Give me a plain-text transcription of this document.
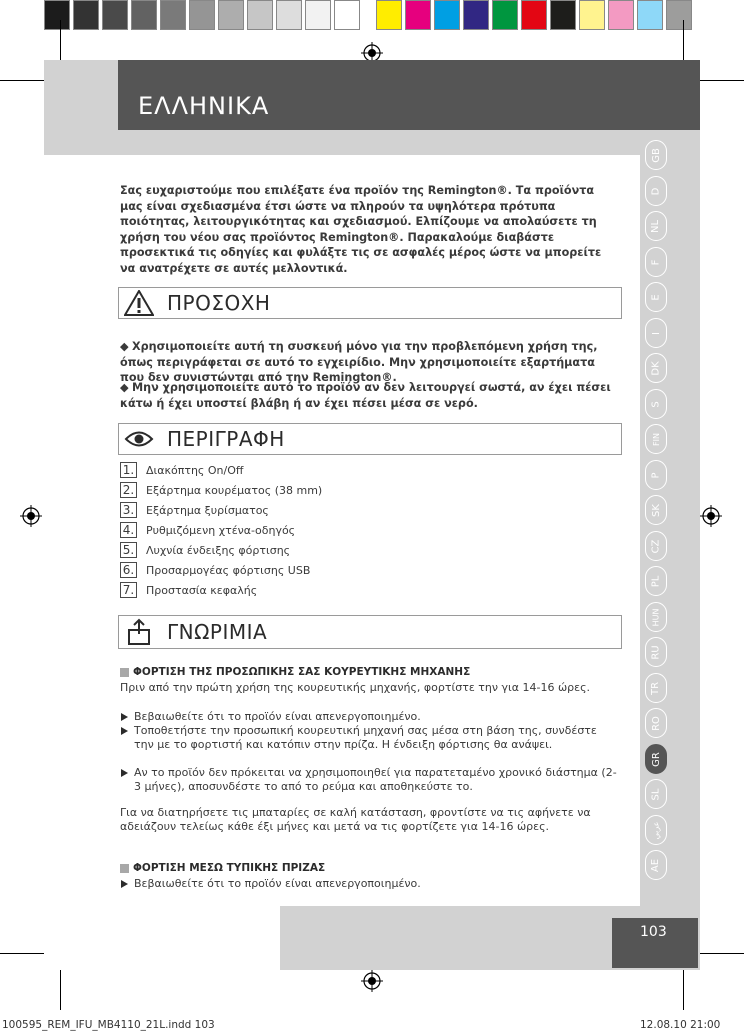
ΕΛΛΗΝΙΚΑ
103
Σας ευχαριστούμε που επιλέξατε ένα προϊόν της Remington®. Τα προϊόντα μας είναι σχεδιασμένα έτσι ώστε να πληρούν τα υψηλότερα πρότυπα ποιότητας, λειτουργικότητας και σχεδιασμού. Ελπίζουμε να απολαύσετε τη χρήση του νέου σας προϊόντος Remington®. Παρακαλούμε διαβάστε προσεκτικά τις οδηγίες και φυλάξτε τις σε ασφαλές μέρος ώστε να μπορείτε να ανατρέχετε σε αυτές μελλοντικά.
ΠΡΟΣΟΧΗ
◆ Χρησιμοποιείτε αυτή τη συσκευή μόνο για την προβλεπόμενη χρήση της, όπως περιγράφεται σε αυτό το εγχειρίδιο. Μην χρησιμοποιείτε εξαρτήματα που δεν συνιστώνται από την Remington®.
◆ Μην χρησιμοποιείτε αυτό το προϊόν αν δεν λειτουργεί σωστά, αν έχει πέσει κάτω ή έχει υποστεί βλάβη ή αν έχει πέσει μέσα σε νερό.
ΠΕΡΙΓΡΑΦΗ
1. Διακόπτης On/Off
2. Εξάρτημα κουρέματος (38 mm)
3. Εξάρτημα ξυρίσματος
4. Ρυθμιζόμενη χτένα-οδηγός
5. Λυχνία ένδειξης φόρτισης
6. Προσαρμογέας φόρτισης USB
7. Προστασία κεφαλής
ΓΝΩΡΙΜΙΑ
ΦΟΡΤΙΣΗ ΤΗΣ ΠΡΟΣΩΠΙΚΗΣ ΣΑΣ ΚΟΥΡΕΥΤΙΚΗΣ ΜΗΧΑΝΗΣ
Πριν από την πρώτη χρήση της κουρευτικής μηχανής, φορτίστε την για 14-16 ώρες.
Βεβαιωθείτε ότι το προϊόν είναι απενεργοποιημένο.
Τοποθετήστε την προσωπική κουρευτική μηχανή σας μέσα στη βάση της, συνδέστε την με το φορτιστή και κατόπιν στην πρίζα. Η ένδειξη φόρτισης θα ανάψει.
Αν το προϊόν δεν πρόκειται να χρησιμοποιηθεί για παρατεταμένο χρονικό διάστημα (2-3 μήνες), αποσυνδέστε το από το ρεύμα και αποθηκεύστε το.
Για να διατηρήσετε τις μπαταρίες σε καλή κατάσταση, φροντίστε να τις αφήνετε να αδειάζουν τελείως κάθε έξι μήνες και μετά να τις φορτίζετε για 14-16 ώρες.
ΦΟΡΤΙΣΗ ΜΕΣΩ ΤΥΠΙΚΗΣ ΠΡΙΖΑΣ
Βεβαιωθείτε ότι το προϊόν είναι απενεργοποιημένο.
100595_REM_IFU_MB4110_21L.indd 103	12.08.10 21:00
GB
D
NL
F
E
I
DK
S
FIN
P
SK
CZ
PL
HUN
RU
TR
RO
GR
SL
عربي
AE
